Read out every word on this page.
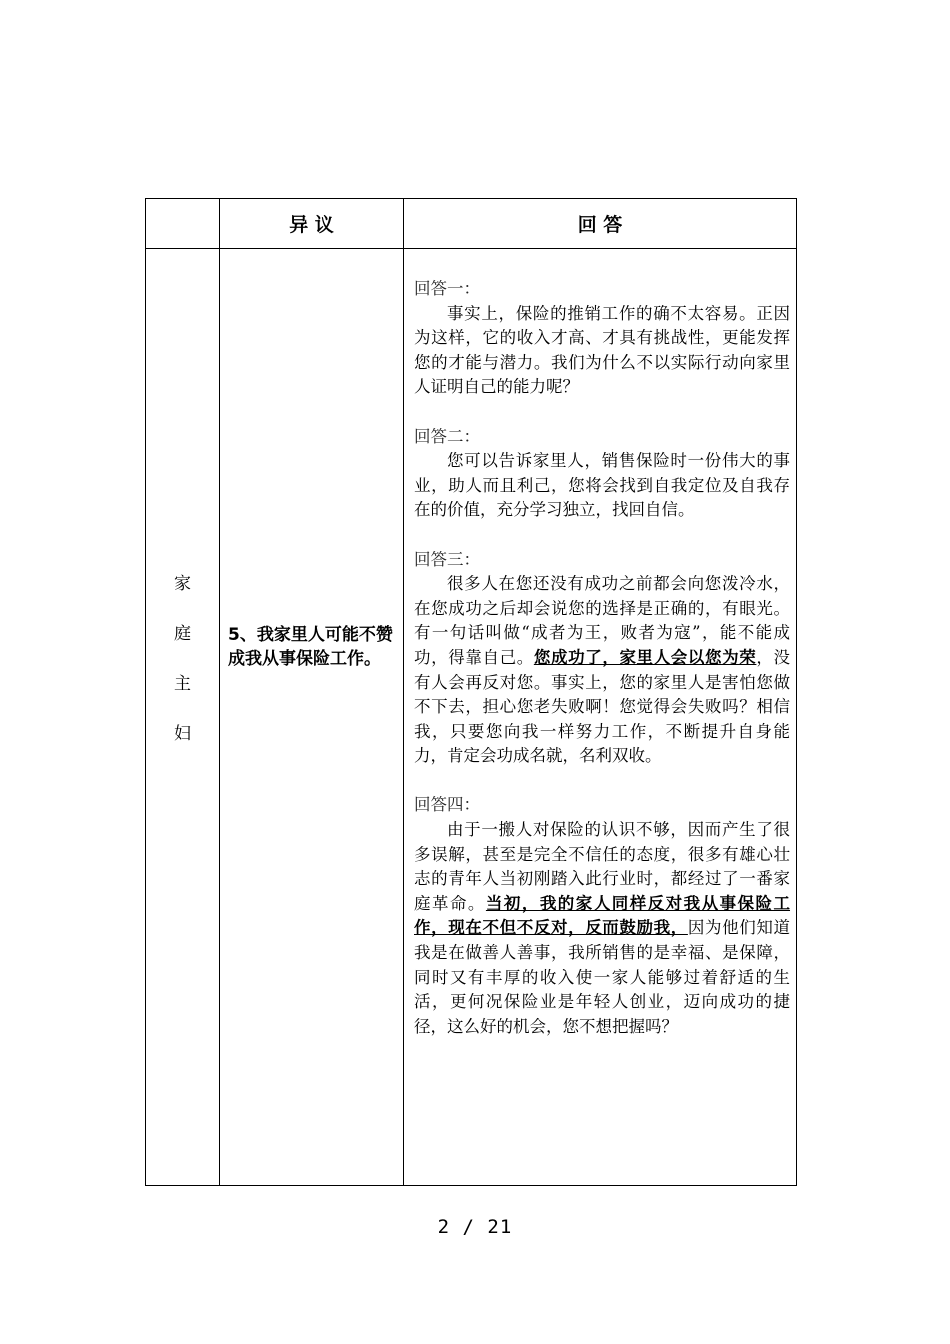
异 议	回 答
家
庭
主
妇
5、我家里人可能不赞成我从事保险工作。
回答一：
事实上，保险的推销工作的确不太容易。正因为这样，它的收入才高、才具有挑战性，更能发挥您的才能与潜力。我们为什么不以实际行动向家里人证明自己的能力呢？
回答二：
您可以告诉家里人，销售保险时一份伟大的事业，助人而且利己，您将会找到自我定位及自我存在的价值，充分学习独立，找回自信。
回答三：
很多人在您还没有成功之前都会向您泼冷水，在您成功之后却会说您的选择是正确的，有眼光。有一句话叫做“成者为王，败者为寇”，能不能成功，得靠自己。您成功了，家里人会以您为荣，没有人会再反对您。事实上，您的家里人是害怕您做不下去，担心您老失败啊！您觉得会失败吗？相信我，只要您向我一样努力工作，不断提升自身能力，肯定会功成名就，名利双收。
回答四：
由于一搬人对保险的认识不够，因而产生了很多误解，甚至是完全不信任的态度，很多有雄心壮志的青年人当初刚踏入此行业时，都经过了一番家庭革命。当初，我的家人同样反对我从事保险工作，现在不但不反对，反而鼓励我，因为他们知道我是在做善人善事，我所销售的是幸福、是保障，同时又有丰厚的收入使一家人能够过着舒适的生活，更何况保险业是年轻人创业，迈向成功的捷径，这么好的机会，您不想把握吗？
2 / 21
